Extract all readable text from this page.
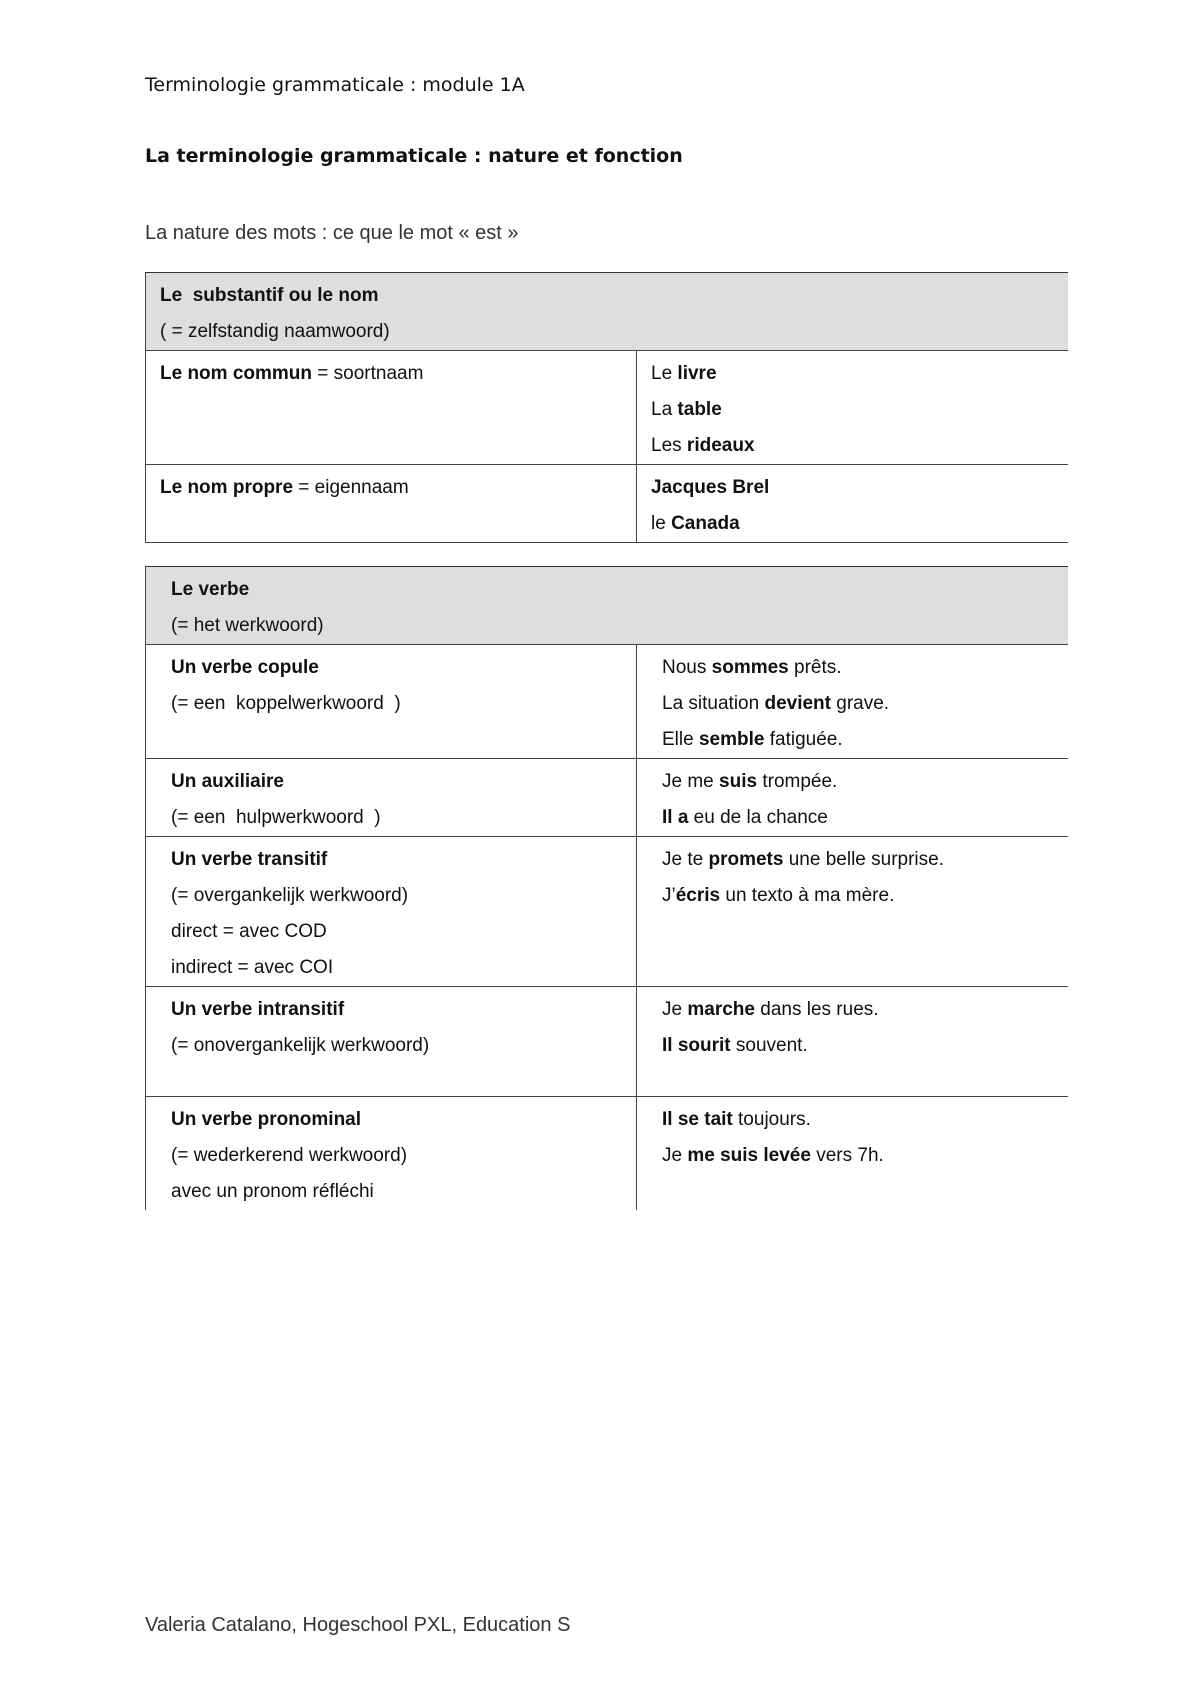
Terminologie grammaticale : module 1A
La terminologie grammaticale : nature et fonction
La nature des mots : ce que le mot « est »
Le  substantif ou le nom
( = zelfstandig naamwoord)	

Le nom commun = soortnaam	Le livre
La table
Les rideaux

Le nom propre = eigennaam	Jacques Brel
le Canada
Le verbe
(= het werkwoord)	

Un verbe copule
(= een  koppelwerkwoord  )	Nous sommes prêts.
La situation devient grave.
Elle semble fatiguée.

Un auxiliaire
(= een  hulpwerkwoord  )	Je me suis trompée.
Il a eu de la chance

Un verbe transitif
(= overgankelijk werkwoord)
direct = avec COD
indirect = avec COI	Je te promets une belle surprise.
J’écris un texto à ma mère.

Un verbe intransitif
(= onovergankelijk werkwoord)	Je marche dans les rues.
Il sourit souvent.

Un verbe pronominal
(= wederkerend werkwoord)
avec un pronom réfléchi	Il se tait toujours.
Je me suis levée vers 7h.
Valeria Catalano, Hogeschool PXL, Education S
